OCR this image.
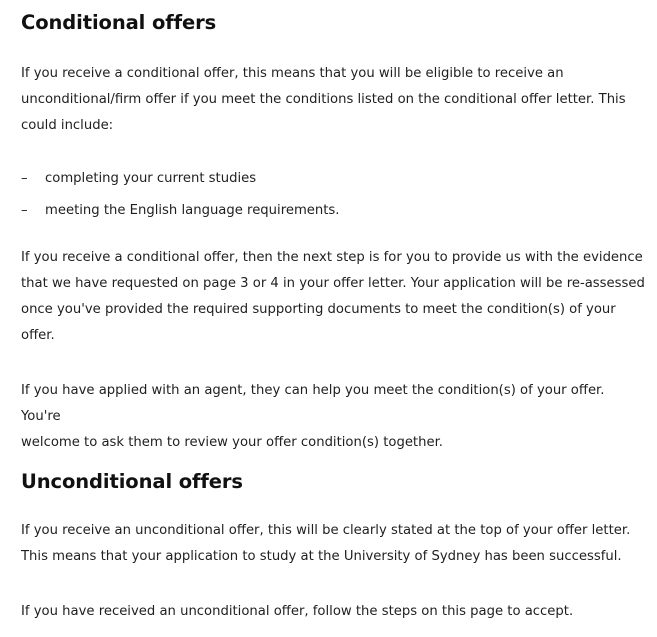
Conditional offers

If you receive a conditional offer, this means that you will be eligible to receive an
unconditional/firm offer if you meet the conditions listed on the conditional offer letter. This
could include:

– completing your current studies
– meeting the English language requirements.

If you receive a conditional offer, then the next step is for you to provide us with the evidence
that we have requested on page 3 or 4 in your offer letter. Your application will be re-assessed
once you've provided the required supporting documents to meet the condition(s) of your
offer.

If you have applied with an agent, they can help you meet the condition(s) of your offer. You're
welcome to ask them to review your offer condition(s) together.

Unconditional offers

If you receive an unconditional offer, this will be clearly stated at the top of your offer letter.
This means that your application to study at the University of Sydney has been successful.

If you have received an unconditional offer, follow the steps on this page to accept.
